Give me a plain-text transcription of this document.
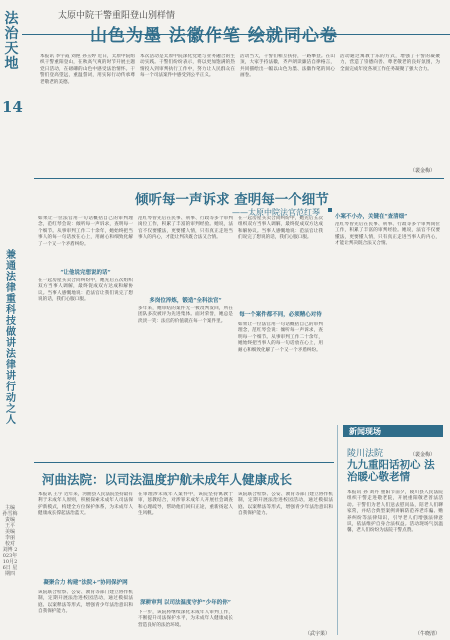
法治天地
14
兼通法律重科技 做讲法律讲行动之人
主编 孙雪梅 责编 王平 美编 李丽 校对 刘博 2023年10月26日 星期四
太原中院干警重阳登山别样情
山色为墨 法徽作笔 绘就同心卷
本报讯 李宇霞 刘艳 孙玉婷 近日，太原中院组织干警重阳登山，在秋高气爽的时节开展主题党日活动，在磅礴的山色中感受法治情怀。干警们登高望远，重温誓词，用实际行动传承尊老敬老的美德。
本次活动是太原中院深化党建与业务融合的生动实践。干警们纷纷表示，将以更加饱满的热情投入到审判执行工作中，努力让人民群众在每一个司法案件中感受到公平正义。
活动当天，干警们相互扶持，一路攀登。在山顶，大家手持法徽，齐声朗读廉洁自律格言，共同描绘出一幅以山色为墨、法徽作笔的同心画卷。
活动通过寓教于乐的方式，增强了干警的凝聚力，营造了崇德向善、尊老敬老的良好氛围，为全面完成年度各项工作任务凝聚了强大合力。
（裴金梅）
倾听每一声诉求 查明每一个细节
——太原中院法官范红琴
如果让一位法官用一句话概括自己的审判理念，范红琴会说：倾听每一声诉求，查明每一个细节。从事审判工作二十余年，她始终把当事人的每一句话放在心上，用耐心和细致化解了一个又一个矛盾纠纷。
“让他说完想说的话”
在一起房屋买卖合同纠纷中，她先后五次组织双方当事人调解，最终促成双方达成和解协议。当事人感慨地说：范法官让我们说完了想说的话，我们心服口服。
范红琴曾先后在民事、刑事、行政等多个审判岗位工作，积累了丰富的审判经验。她说，法官不仅要懂法，更要懂人情，只有真正走进当事人的内心，才能让判决既合法又合情。
多岗位淬炼，锻造“全科法官”
多年来，她审结的案件无一被改判发回，所在团队多次被评为先进集体。面对荣誉，她总是淡淡一笑：法官的价值就在每一个案件里。
在一起房屋买卖合同纠纷中，她先后五次组织双方当事人调解，最终促成双方达成和解协议。当事人感慨地说：范法官让我们说完了想说的话，我们心服口服。
每一个案件都不同，必须精心对待
如果让一位法官用一句话概括自己的审判理念，范红琴会说：倾听每一声诉求，查明每一个细节。从事审判工作二十余年，她始终把当事人的每一句话放在心上，用耐心和细致化解了一个又一个矛盾纠纷。
小案不小办，关键在“查清细”
范红琴曾先后在民事、刑事、行政等多个审判岗位工作，积累了丰富的审判经验。她说，法官不仅要懂法，更要懂人情，只有真正走进当事人的内心，才能让判决既合法又合情。
（裴金梅）
河曲法院：以司法温度护航未成年人健康成长
本报讯 王宇 近年来，河曲县人民法院坚持最有利于未成年人原则，积极探索未成年人司法保护新模式，构建全方位保护体系，为未成年人健康成长撑起法治蓝天。
凝聚合力 构建“法院+”协同保护网
该院联合检察、公安、教育等部门建立协作机制，定期开展法治进校园活动，通过模拟法庭、以案释法等形式，增强青少年法治意识和自我保护能力。
在审理涉未成年人案件中，该院坚持寓教于审，惩教结合，对涉罪未成年人开展社会调查和心理疏导，帮助他们回归正途，重新扬起人生风帆。
深耕审判 以司法温度守护“少年的你”
下一步，该院将继续深化未成年人审判工作，不断提升司法保护水平，为未成年人健康成长营造良好的法治环境。
该院联合检察、公安、教育等部门建立协作机制，定期开展法治进校园活动，通过模拟法庭、以案释法等形式，增强青少年法治意识和自我保护能力。
（武宇果）
新闻现场
陵川法院
九九重阳话初心 法治暖心敬老情
本报讯 孙 刘丹 重阳节前夕，陵川县人民法院组织干警走进敬老院，开展重阳敬老普法活动。干警们为老人们送去慰问品，陪老人们聊家常，并结合典型案例讲解防范养老诈骗、赡养纠纷等法律知识，引导老人们增强法律意识，依法维护自身合法权益。活动现场气氛温馨，老人们纷纷为法院干警点赞。
（牛晓清）
